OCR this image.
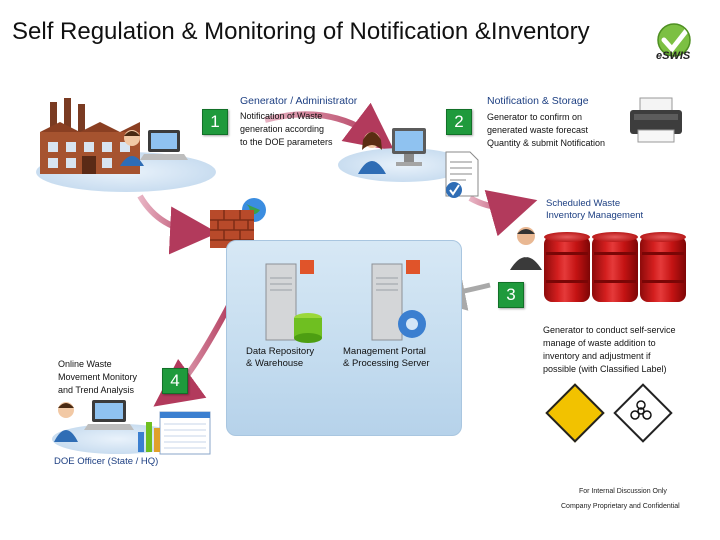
Self Regulation & Monitoring of Notification &Inventory
eSWIS
1
Generator / Administrator
Notification of Waste
generation according
to the DOE parameters
2
Notification & Storage
Generator to confirm on
generated waste forecast
Quantity & submit Notification
Scheduled Waste
Inventory Management
3
Generator to conduct self-service
manage of waste addition to
inventory and adjustment if
possible (with Classified Label)
Data Repository
& Warehouse
Management Portal
& Processing Server
Online Waste
Movement Monitory
and Trend Analysis	4
DOE Officer (State / HQ)
For Internal Discussion Only
Company Proprietary and Confidential
